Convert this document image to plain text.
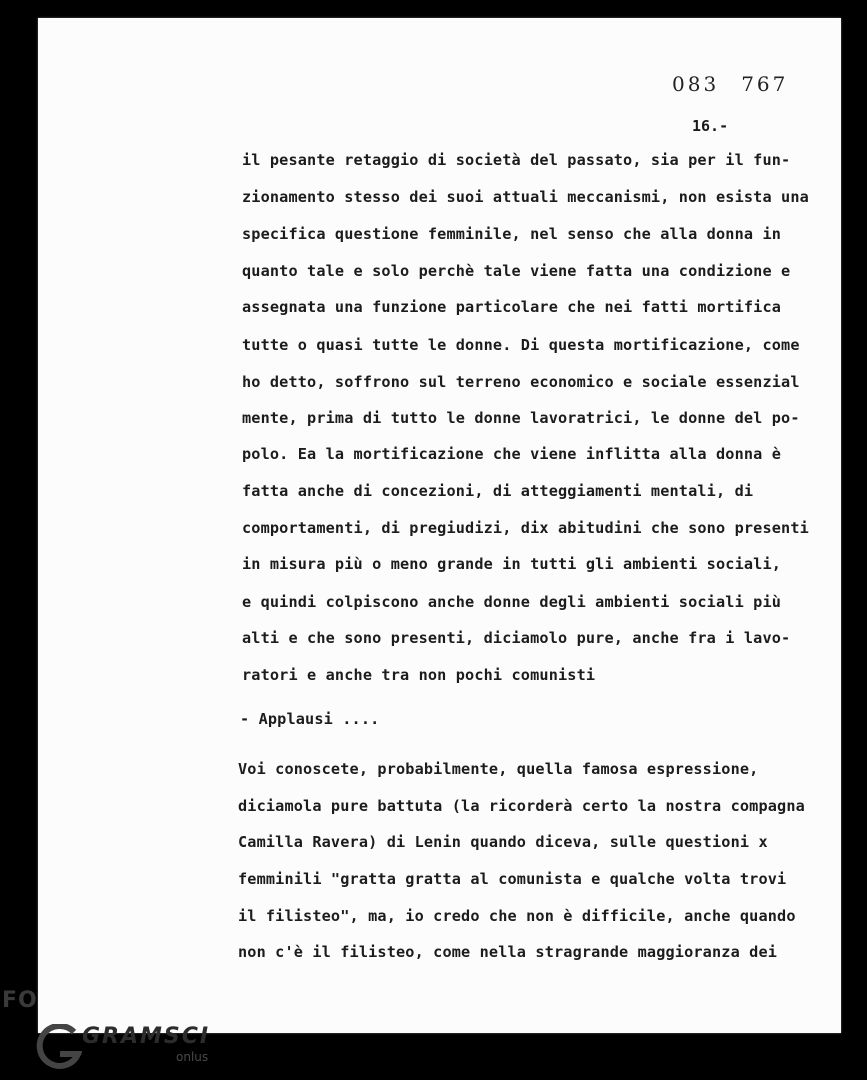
083 767
16.-
il pesante retaggio di società del passato, sia per il fun-
zionamento stesso dei suoi attuali meccanismi, non esista una
specifica questione femminile, nel senso che alla donna in
quanto tale e solo perchè tale viene fatta una condizione e
assegnata una funzione particolare che nei fatti mortifica
tutte o quasi tutte le donne. Di questa mortificazione, come
ho detto, soffrono sul terreno economico e sociale essenzial
mente, prima di tutto le donne lavoratrici, le donne del po-
polo. Ea la mortificazione che viene inflitta alla donna è
fatta anche di concezioni, di atteggiamenti mentali, di
comportamenti, di pregiudizi, dix abitudini che sono presenti
in misura più o meno grande in tutti gli ambienti sociali,
e quindi colpiscono anche donne degli ambienti sociali più
alti e che sono presenti, diciamolo pure, anche fra i lavo-
ratori e anche tra non pochi comunisti
- Applausi ....
Voi conoscete, probabilmente, quella famosa espressione,
diciamola pure battuta (la ricorderà certo la nostra compagna
Camilla Ravera) di Lenin quando diceva, sulle questioni x
femminili "gratta gratta al comunista e qualche volta trovi
il filisteo", ma, io credo che non è difficile, anche quando
non c'è il filisteo, come nella stragrande maggioranza dei
FO
GRAMSCI
onlus
